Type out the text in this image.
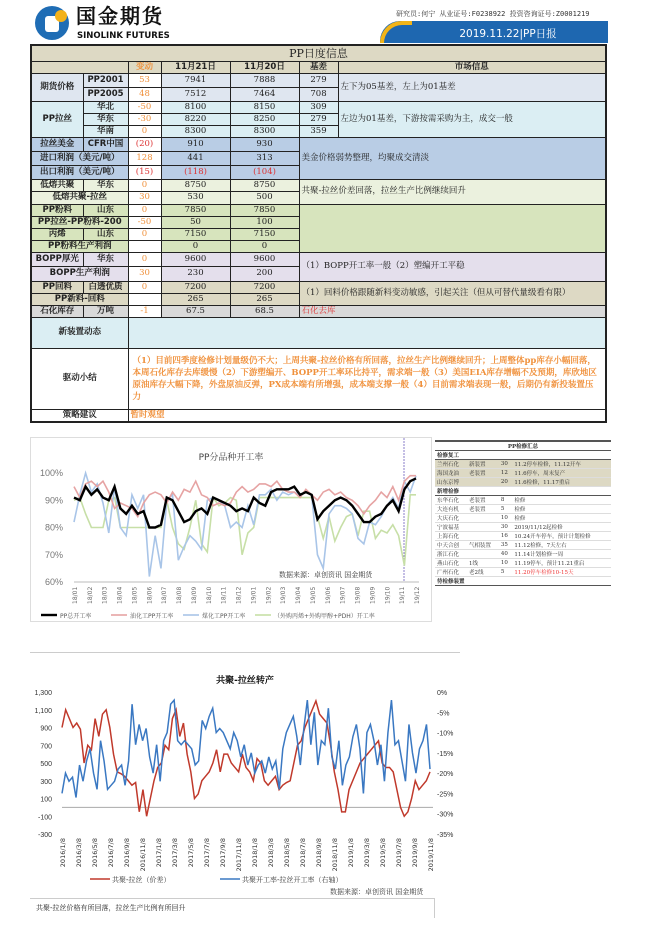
国金期货
SINOLINK FUTURES
研究员:何宁 从业证号:F0238922 投资咨询证号:Z0001219
2019.11.22|PP日报
PP日度信息						
		变动	11月21日	11月20日	基差	市场信息
期货价格	PP2001	53	7941	7888	279	左下为05基差，左上为01基差
	PP2005	48	7512	7464	708	
PP拉丝	华北	-50	8100	8150	309	左边为01基差，下游按需采购为主，成交一般
	华东	-30	8220	8250	279	
	华南	0	8300	8300	359	
拉丝美金	CFR中国	(20)	910	930	美金价格弱势整理，均聚成交清淡	
进口利润（美元/吨）		128	441	313		
出口利润（美元/吨）		(15)	(118)	(104)		
低熔共聚	华东	0	8750	8750	共聚-拉丝价差回落，拉丝生产比例继续回升	
低熔共聚-拉丝		30	530	500		
PP粉料	山东	0	7850	7850		
PP拉丝-PP粉料-200		-50	50	100		
丙烯	山东	0	7150	7150		
PP粉料生产利润			0	0		
BOPP厚光	华东	0	9600	9600	（1）BOPP开工率一般（2）塑编开工平稳	
BOPP生产利润		30	230	200		
PP回料	白透优质	0	7200	7200	（1）回料价格跟随新料变动敏感，引起关注（但从可替代量级看有限）	
PP新料-回料			265	265		
石化库存	万吨	-1	67.5	68.5	石化去库	
新装置动态						
驱动小结		（1）目前四季度检修计划量级仍不大；上周共聚-拉丝价格有所回落，拉丝生产比例继续回升；上周整体pp库存小幅回落，本周石化库存去库缓慢（2）下游塑编开、BOPP开工率环比持平，需求端一般（3）美国EIA库存增幅不及预期，库欣地区原油库存大幅下降，外盘原油反弹，PX成本端有所增强，成本端支撑一般（4）目前需求端表现一般，后期仍有新投装置压力				
策略建议		暂时观望				
PP分品种开工率
60%
70%
80%
90%
100%
18/01 18/02 18/03 18/04 18/05 18/06 18/07 18/08 18/09 18/10 18/11 18/12 19/01 19/02 19/03 19/04 19/05 19/06 19/07 19/08 19/09 19/10 19/11 19/12
数据来源：卓创资讯 国金期货
PP总开工率	油化工PP开工率	煤化工PP开工率	（外购丙烯+外购甲醇+PDH）开工率
PP检修汇总			
检修复工			
兰州石化	新装置	30	11.2停车检修，11.12开车
海国龙油	老装置	12	11.6停车，周末复产
山东京博		20	11.6检修，11.17重启
新增检修			
东华石化	老装置	8	检修
大连有机	老装置	5	检修
大庆石化		10	检修
宁波福基		30	2019/11/12起检修
上海石化		16	10.24开车停车，预计计划检修
中天合创	气相装置	35	11.12检修，7天左右
浙江石化		40	11.14计划检修一周
燕山石化	1线	10	11.19停车，预计11.21重启
广州石化	老2线	5	11.20停车检修10-15天
待检修装置			
共聚-拉丝转产
-300
-100
100
300
500
700
900
1,100
1,300
-35%
-30%
-25%
-20%
-15%
-10%
-5%
0%
2016/1/8 2016/3/8 2016/5/8 2016/7/8 2016/9/8 2016/11/8 2017/1/8 2017/3/8 2017/5/8 2017/7/8 2017/9/8 2017/11/8 2018/1/8 2018/3/8 2018/5/8 2018/7/8 2018/9/8 2018/11/8 2019/1/8 2019/3/8 2019/5/8 2019/7/8 2019/9/8 2019/11/8
共聚-拉丝（价差）	共聚开工率-拉丝开工率（右轴）
数据来源：卓创资讯 国金期货
共聚-拉丝价格有所回落，拉丝生产比例有所回升
